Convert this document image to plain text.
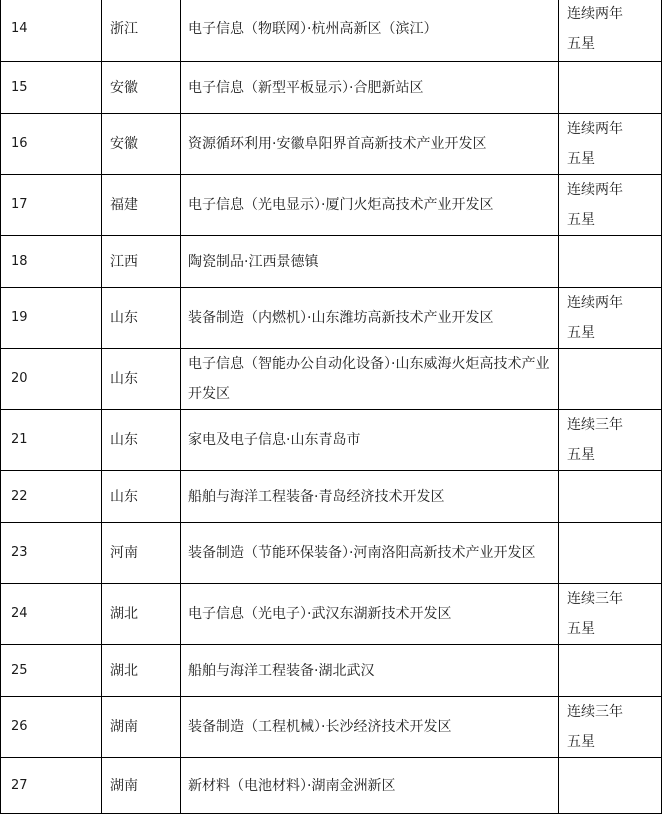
14	浙江	电子信息（物联网）·杭州高新区（滨江）	连续两年五星

15	安徽	电子信息（新型平板显示）·合肥新站区	

16	安徽	资源循环利用·安徽阜阳界首高新技术产业开发区	连续两年五星

17	福建	电子信息（光电显示）·厦门火炬高技术产业开发区	连续两年五星

18	江西	陶瓷制品·江西景德镇	

19	山东	装备制造（内燃机）·山东潍坊高新技术产业开发区	连续两年五星

20	山东	电子信息（智能办公自动化设备）·山东威海火炬高技术产业开发区	

21	山东	家电及电子信息·山东青岛市	连续三年五星

22	山东	船舶与海洋工程装备·青岛经济技术开发区	

23	河南	装备制造（节能环保装备）·河南洛阳高新技术产业开发区	

24	湖北	电子信息（光电子）·武汉东湖新技术开发区	连续三年五星

25	湖北	船舶与海洋工程装备·湖北武汉	

26	湖南	装备制造（工程机械）·长沙经济技术开发区	连续三年五星

27	湖南	新材料（电池材料）·湖南金洲新区	
